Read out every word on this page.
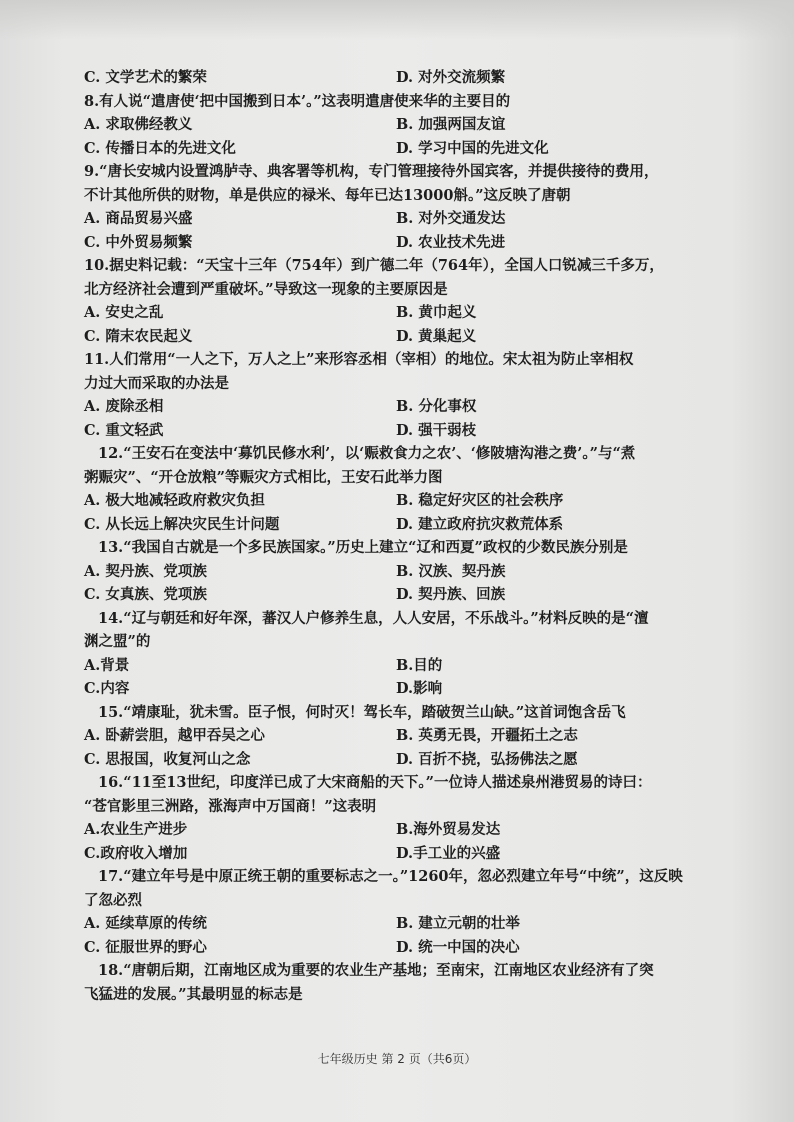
C. 文学艺术的繁荣	D. 对外交流频繁
8.有人说“遣唐使‘把中国搬到日本’。”这表明遣唐使来华的主要目的
A. 求取佛经教义	B. 加强两国友谊
C. 传播日本的先进文化	D. 学习中国的先进文化
9.“唐长安城内设置鸿胪寺、典客署等机构，专门管理接待外国宾客，并提供接待的费用，
不计其他所供的财物，单是供应的禄米、每年已达13000斛。”这反映了唐朝
A. 商品贸易兴盛	B. 对外交通发达
C. 中外贸易频繁	D. 农业技术先进
10.据史料记载：“天宝十三年（754年）到广德二年（764年），全国人口锐减三千多万，
北方经济社会遭到严重破坏。”导致这一现象的主要原因是
A. 安史之乱	B. 黄巾起义
C. 隋末农民起义	D. 黄巢起义
11.人们常用“一人之下，万人之上”来形容丞相（宰相）的地位。宋太祖为防止宰相权
力过大而采取的办法是
A. 废除丞相	B. 分化事权
C. 重文轻武	D. 强干弱枝
12.“王安石在变法中‘募饥民修水利’，以‘赈救食力之农’、‘修陂塘沟港之费’。”与“煮
粥赈灾”、“开仓放粮”等赈灾方式相比，王安石此举力图
A. 极大地减轻政府救灾负担	B. 稳定好灾区的社会秩序
C. 从长远上解决灾民生计问题	D. 建立政府抗灾救荒体系
13.“我国自古就是一个多民族国家。”历史上建立“辽和西夏”政权的少数民族分别是
A. 契丹族、党项族	B. 汉族、契丹族
C. 女真族、党项族	D. 契丹族、回族
14.“辽与朝廷和好年深，蕃汉人户修养生息，人人安居，不乐战斗。”材料反映的是“澶
渊之盟”的
A.背景	B.目的
C.内容	D.影响
15.“靖康耻，犹未雪。臣子恨，何时灭！驾长车，踏破贺兰山缺。”这首词饱含岳飞
A. 卧薪尝胆，越甲吞吴之心	B. 英勇无畏，开疆拓土之志
C. 思报国，收复河山之念	D. 百折不挠，弘扬佛法之愿
16.“11至13世纪，印度洋已成了大宋商船的天下。”一位诗人描述泉州港贸易的诗曰：
“苍官影里三洲路，涨海声中万国商！”这表明
A.农业生产进步	B.海外贸易发达
C.政府收入增加	D.手工业的兴盛
17.“建立年号是中原正统王朝的重要标志之一。”1260年，忽必烈建立年号“中统”，这反映
了忽必烈
A. 延续草原的传统	B. 建立元朝的壮举
C. 征服世界的野心	D. 统一中国的决心
18.“唐朝后期，江南地区成为重要的农业生产基地；至南宋，江南地区农业经济有了突
飞猛进的发展。”其最明显的标志是
七年级历史 第 2 页（共6页）
